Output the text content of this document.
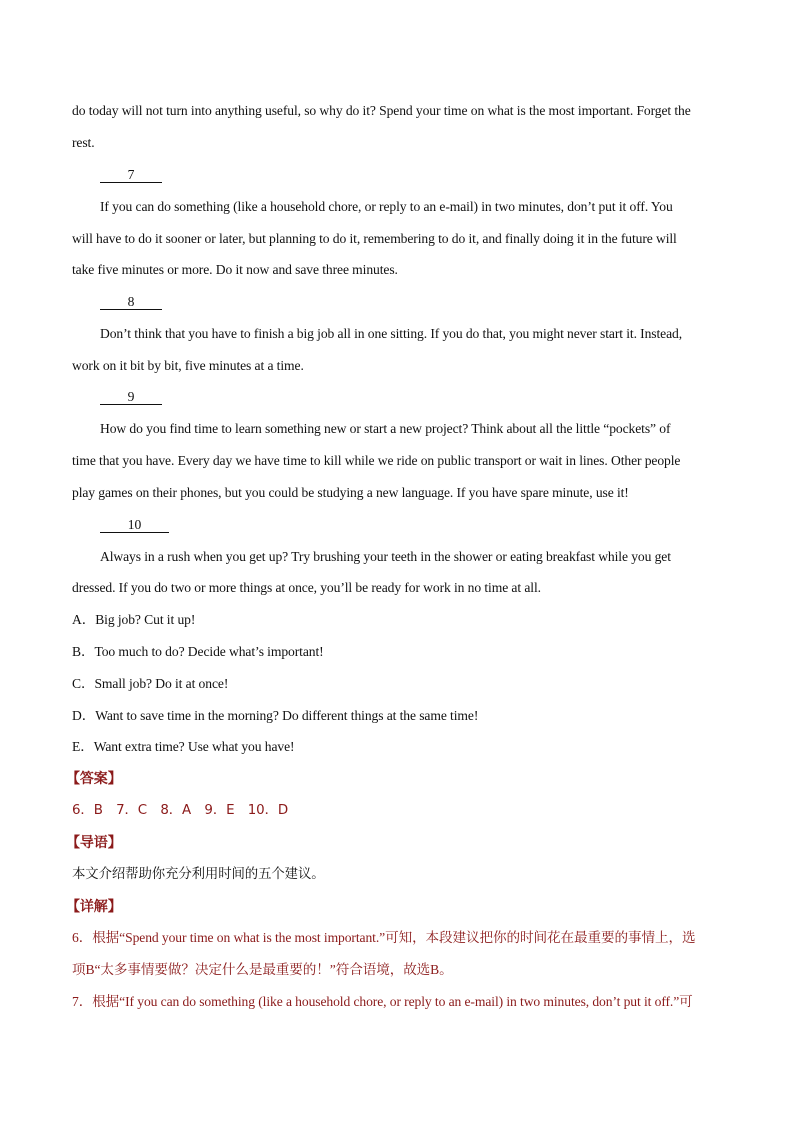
do today will not turn into anything useful, so why do it? Spend your time on what is the most important. Forget the
rest.
7
If you can do something (like a household chore, or reply to an e-mail) in two minutes, don’t put it off. You
will have to do it sooner or later, but planning to do it, remembering to do it, and finally doing it in the future will
take five minutes or more. Do it now and save three minutes.
8
Don’t think that you have to finish a big job all in one sitting. If you do that, you might never start it. Instead,
work on it bit by bit, five minutes at a time.
9
How do you find time to learn something new or start a new project? Think about all the little “pockets” of
time that you have. Every day we have time to kill while we ride on public transport or wait in lines. Other people
play games on their phones, but you could be studying a new language. If you have spare minute, use it!
10
Always in a rush when you get up? Try brushing your teeth in the shower or eating breakfast while you get
dressed. If you do two or more things at once, you’ll be ready for work in no time at all.
A．Big job? Cut it up!
B．Too much to do? Decide what’s important!
C．Small job? Do it at once!
D．Want to save time in the morning? Do different things at the same time!
E．Want extra time? Use what you have!
【答案】
6．B　7．C　8．A　9．E　10．D
【导语】
本文介绍帮助你充分利用时间的五个建议。
【详解】
6．根据“Spend your time on what is the most important.”可知，本段建议把你的时间花在最重要的事情上，选
项B“太多事情要做？决定什么是最重要的！”符合语境，故选B。
7．根据“If you can do something (like a household chore, or reply to an e-mail) in two minutes, don’t put it off.”可
